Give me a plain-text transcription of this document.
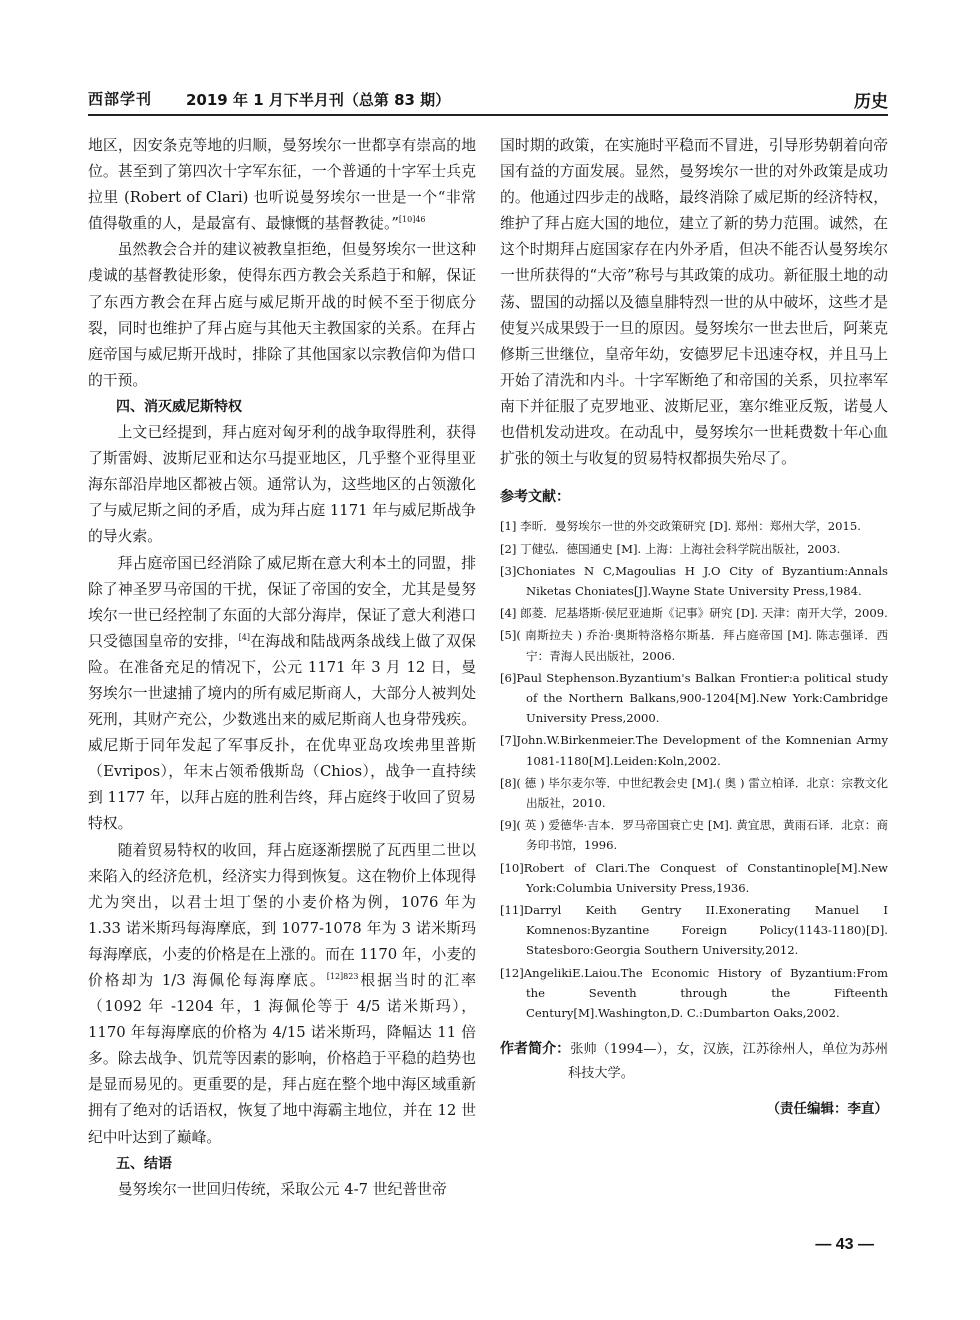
西部学刊 2019 年 1 月下半月刊（总第 83 期）	历史

地区，因安条克等地的归顺，曼努埃尔一世都享有崇高的地位。甚至到了第四次十字军东征，一个普通的十字军士兵克拉里 (Robert of Clari) 也听说曼努埃尔一世是一个“非常值得敬重的人，是最富有、最慷慨的基督教徒。”$^{[10]46}$

虽然教会合并的建议被教皇拒绝，但曼努埃尔一世这种虔诚的基督教徒形象，使得东西方教会关系趋于和解，保证了东西方教会在拜占庭与威尼斯开战的时候不至于彻底分裂，同时也维护了拜占庭与其他天主教国家的关系。在拜占庭帝国与威尼斯开战时，排除了其他国家以宗教信仰为借口的干预。

四、消灭威尼斯特权

上文已经提到，拜占庭对匈牙利的战争取得胜利，获得了斯雷姆、波斯尼亚和达尔马提亚地区，几乎整个亚得里亚海东部沿岸地区都被占领。通常认为，这些地区的占领激化了与威尼斯之间的矛盾，成为拜占庭 1171 年与威尼斯战争的导火索。

拜占庭帝国已经消除了威尼斯在意大利本土的同盟，排除了神圣罗马帝国的干扰，保证了帝国的安全，尤其是曼努埃尔一世已经控制了东面的大部分海岸，保证了意大利港口只受德国皇帝的安排，[4]在海战和陆战两条战线上做了双保险。在准备充足的情况下，公元 1171 年 3 月 12 日，曼努埃尔一世逮捕了境内的所有威尼斯商人，大部分人被判处死刑，其财产充公，少数逃出来的威尼斯商人也身带残疾。威尼斯于同年发起了军事反扑，在优卑亚岛攻埃弗里普斯（Evripos），年末占领希俄斯岛（Chios），战争一直持续到 1177 年，以拜占庭的胜利告终，拜占庭终于收回了贸易特权。

随着贸易特权的收回，拜占庭逐渐摆脱了瓦西里二世以来陷入的经济危机，经济实力得到恢复。这在物价上体现得尤为突出，以君士坦丁堡的小麦价格为例，1076 年为 1.33 诺米斯玛每海摩底，到 1077-1078 年为 3 诺米斯玛每海摩底，小麦的价格是在上涨的。而在 1170 年，小麦的价格却为 1/3 海佩伦每海摩底。$^{[12]823}$根据当时的汇率（1092 年 -1204 年，1 海佩伦等于 4/5 诺米斯玛），1170 年每海摩底的价格为 4/15 诺米斯玛，降幅达 11 倍多。除去战争、饥荒等因素的影响，价格趋于平稳的趋势也是显而易见的。更重要的是，拜占庭在整个地中海区域重新拥有了绝对的话语权，恢复了地中海霸主地位，并在 12 世纪中叶达到了巅峰。

五、结语

曼努埃尔一世回归传统，采取公元 4-7 世纪普世帝

国时期的政策，在实施时平稳而不冒进，引导形势朝着向帝国有益的方面发展。显然，曼努埃尔一世的对外政策是成功的。他通过四步走的战略，最终消除了威尼斯的经济特权，维护了拜占庭大国的地位，建立了新的势力范围。诚然，在这个时期拜占庭国家存在内外矛盾，但决不能否认曼努埃尔一世所获得的“大帝”称号与其政策的成功。新征服土地的动荡、盟国的动摇以及德皇腓特烈一世的从中破坏，这些才是使复兴成果毁于一旦的原因。曼努埃尔一世去世后，阿莱克修斯三世继位，皇帝年幼，安德罗尼卡迅速夺权，并且马上开始了清洗和内斗。十字军断绝了和帝国的关系，贝拉率军南下并征服了克罗地亚、波斯尼亚，塞尔维亚反叛，诺曼人也借机发动进攻。在动乱中，曼努埃尔一世耗费数十年心血扩张的领土与收复的贸易特权都损失殆尽了。

参考文献：
[1] 李昕．曼努埃尔一世的外交政策研究 [D]. 郑州：郑州大学，2015.
[2] 丁健弘．德国通史 [M]. 上海：上海社会科学院出版社，2003.
[3]Choniates N C,Magoulias H J.O City of Byzantium:Annals Niketas Choniates[J].Wayne State University Press,1984.
[4] 郎菱．尼基塔斯·侯尼亚迪斯《记事》研究 [D]. 天津：南开大学，2009.
[5]( 南斯拉夫 ) 乔治·奥斯特洛格尔斯基．拜占庭帝国 [M]. 陈志强译．西宁：青海人民出版社，2006.
[6]Paul Stephenson.Byzantium's Balkan Frontier:a political study of the Northern Balkans,900-1204[M].New York:Cambridge University Press,2000.
[7]John.W.Birkenmeier.The Development of the Komnenian Army 1081-1180[M].Leiden:Koln,2002.
[8]( 德 ) 毕尔麦尔等．中世纪教会史 [M].( 奥 ) 雷立柏译．北京：宗教文化出版社，2010.
[9]( 英 ) 爱德华·吉本．罗马帝国衰亡史 [M]. 黄宜思，黄雨石译．北京：商务印书馆，1996.
[10]Robert of Clari.The Conquest of Constantinople[M].New York:Columbia University Press,1936.
[11]Darryl Keith Gentry II.Exonerating Manuel I Komnenos:Byzantine Foreign Policy(1143-1180)[D]. Statesboro:Georgia Southern University,2012.
[12]AngelikiE.Laiou.The Economic History of Byzantium:From the Seventh through the Fifteenth Century[M].Washington,D. C.:Dumbarton Oaks,2002.
作者简介：张帅（1994—），女，汉族，江苏徐州人，单位为苏州科技大学。
（责任编辑：李直）
— 43 —
